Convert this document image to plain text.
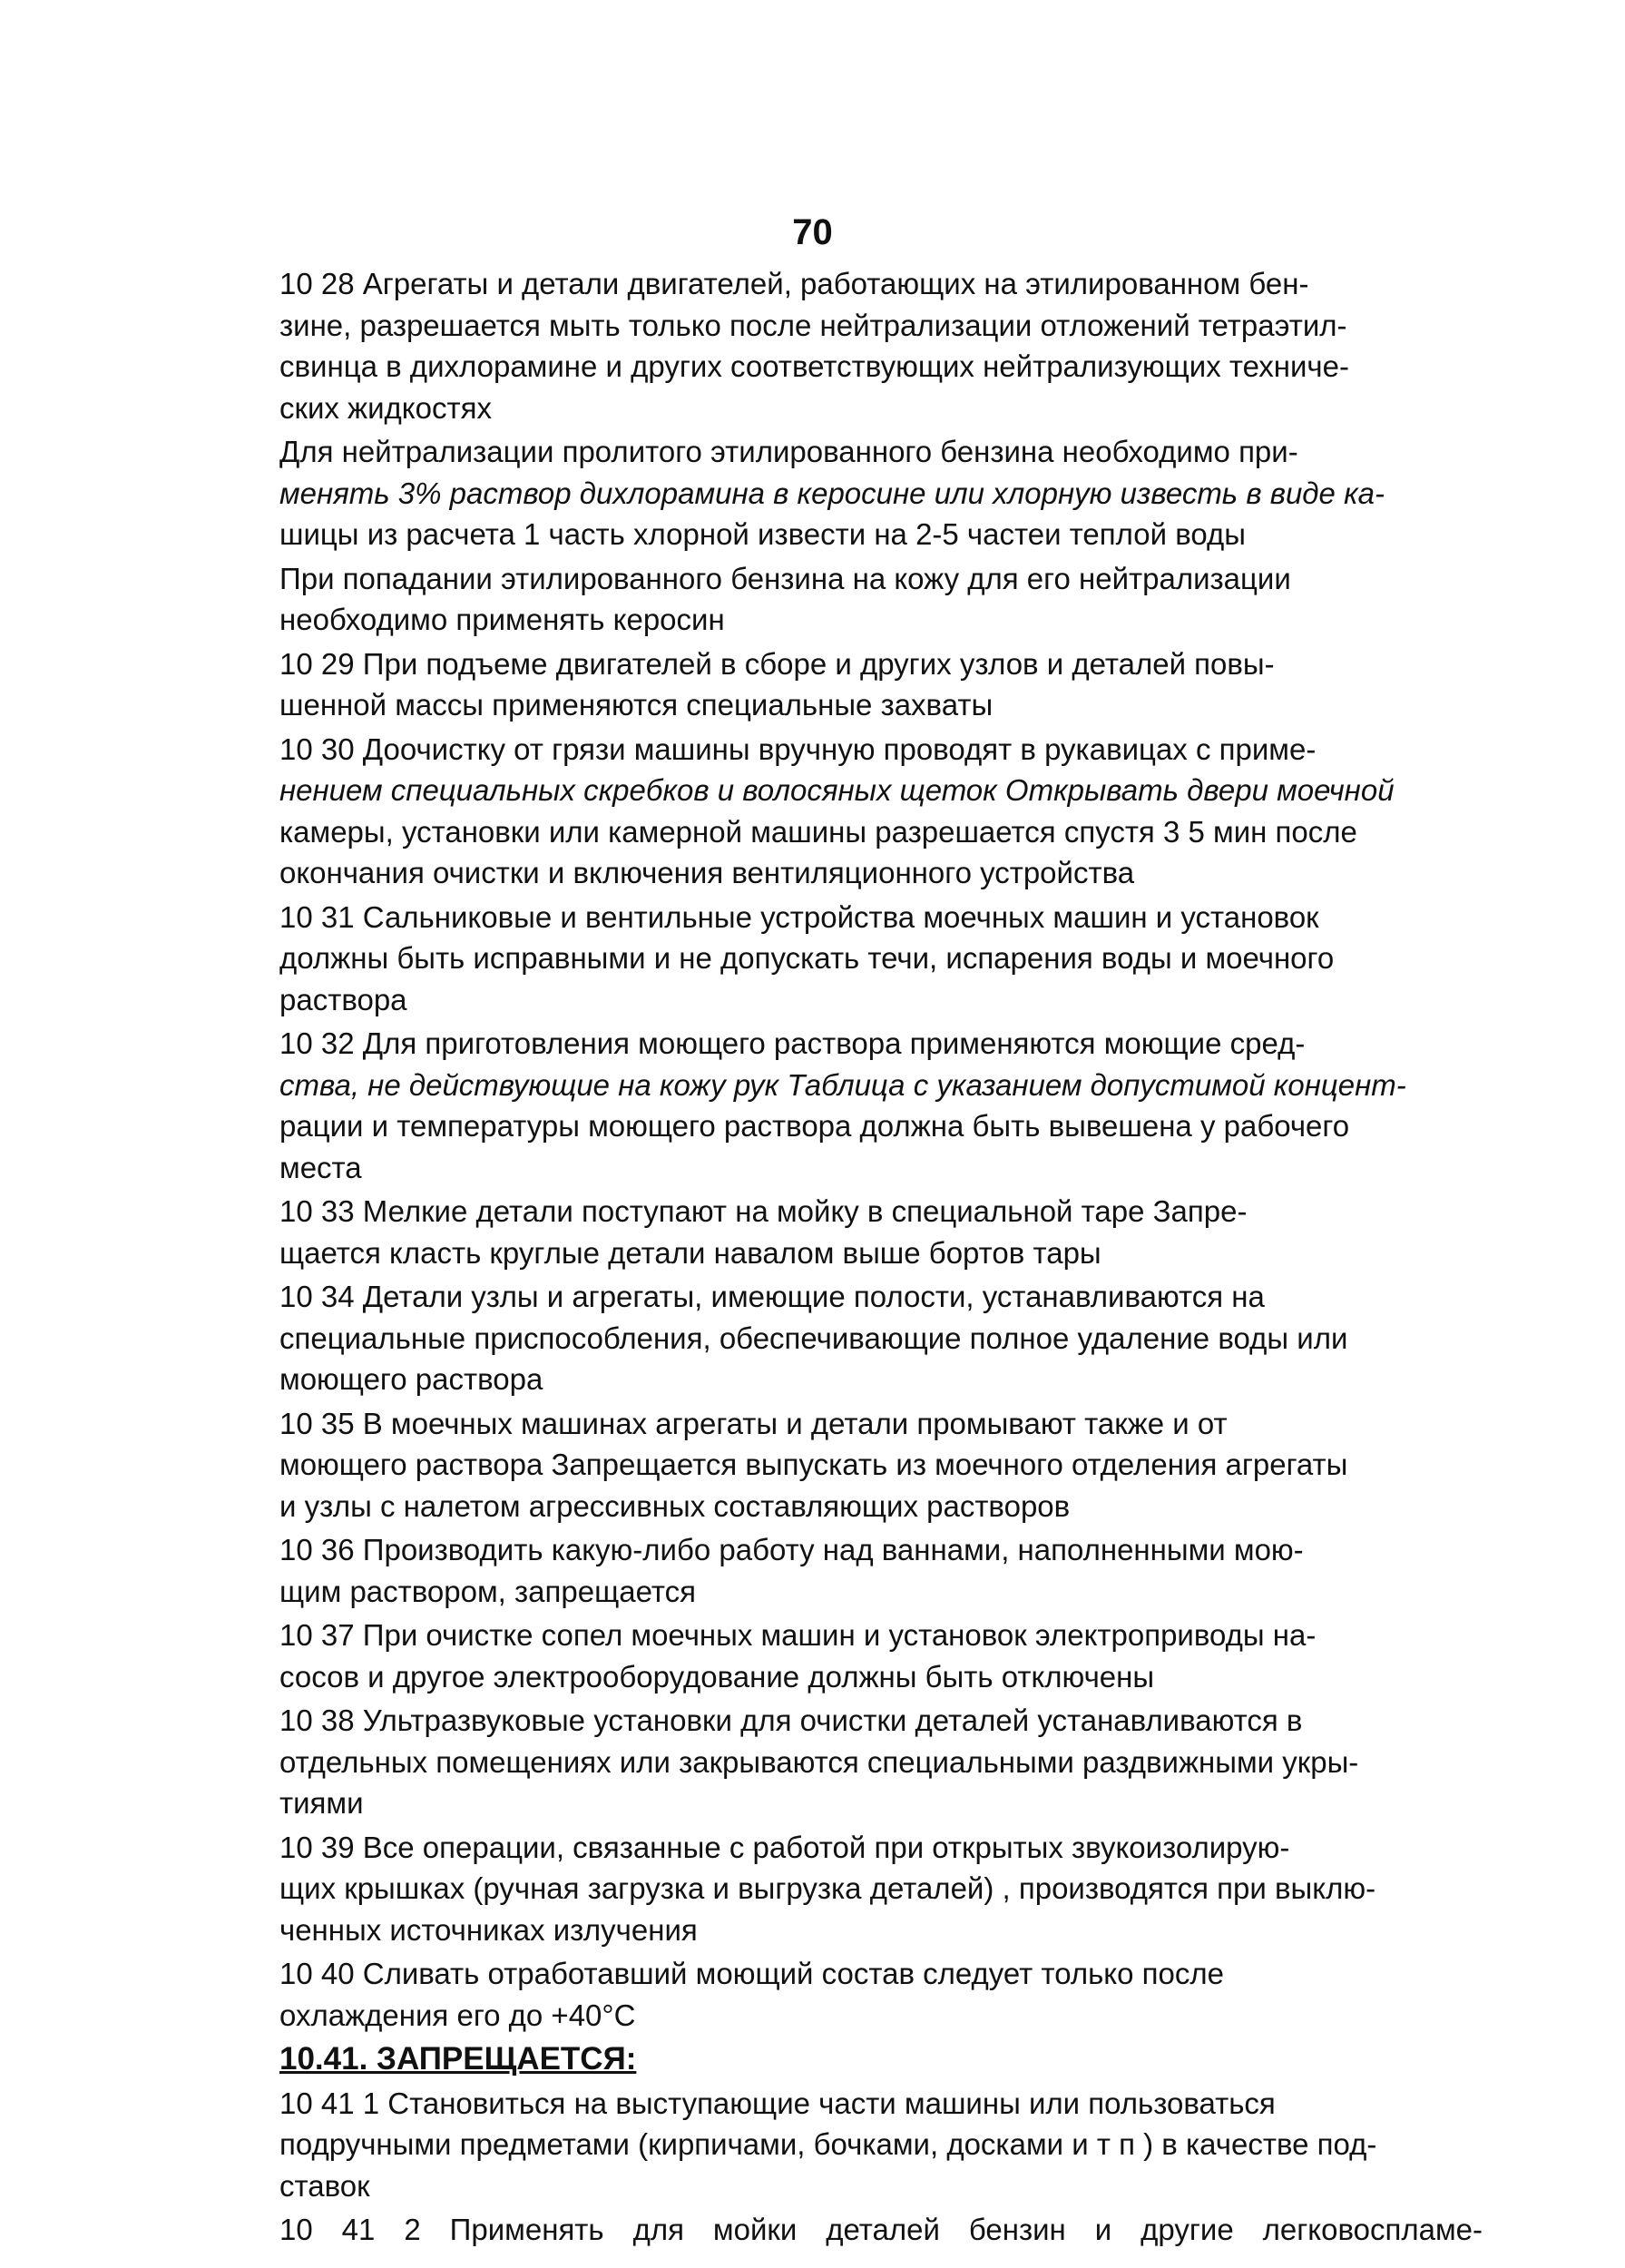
70

10 28 Агрегаты и детали двигателей, работающих на этилированном бен-
зине, разрешается мыть только после нейтрализации отложений тетраэтил-
свинца в дихлорамине и других соответствующих нейтрализующих техниче-
ских жидкостях

Для нейтрализации пролитого этилированного бензина необходимо при-
менять 3% раствор дихлорамина в керосине или хлорную известь в виде ка-
шицы из расчета 1 часть хлорной извести на 2-5 частеи теплой воды

При попадании этилированного бензина на кожу для его нейтрализации
необходимо применять керосин

10 29 При подъеме двигателей в сборе и других узлов и деталей повы-
шенной массы применяются специальные захваты

10 30 Доочистку от грязи машины вручную проводят в рукавицах с приме-
нением специальных скребков и волосяных щеток Открывать двери моечной
камеры, установки или камерной машины разрешается спустя 3 5 мин после
окончания очистки и включения вентиляционного устройства

10 31 Сальниковые и вентильные устройства моечных машин и установок
должны быть исправными и не допускать течи, испарения воды и моечного
раствора

10 32 Для приготовления моющего раствора применяются моющие сред-
ства, не действующие на кожу рук Таблица с указанием допустимой концент-
рации и температуры моющего раствора должна быть вывешена у рабочего
места

10 33 Мелкие детали поступают на мойку в специальной таре Запре-
щается класть круглые детали навалом выше бортов тары

10 34 Детали узлы и агрегаты, имеющие полости, устанавливаются на
специальные приспособления, обеспечивающие полное удаление воды или
моющего раствора

10 35 В моечных машинах агрегаты и детали промывают также и от
моющего раствора Запрещается выпускать из моечного отделения агрегаты
и узлы с налетом агрессивных составляющих растворов

10 36 Производить какую-либо работу над ваннами, наполненными мою-
щим раствором, запрещается

10 37 При очистке сопел моечных машин и установок электроприводы на-
сосов и другое электрооборудование должны быть отключены

10 38 Ультразвуковые установки для очистки деталей устанавливаются в
отдельных помещениях или закрываются специальными раздвижными укры-
тиями

10 39 Все операции, связанные с работой при открытых звукоизолирую-
щих крышках (ручная загрузка и выгрузка деталей) , производятся при выклю-
ченных источниках излучения

10 40 Сливать отработавший моющий состав следует только после
охлаждения его до +40°С

10.41. ЗАПРЕЩАЕТСЯ:

10 41 1 Становиться на выступающие части машины или пользоваться
подручными предметами (кирпичами, бочками, досками и т п ) в качестве под-
ставок

10 41 2 Применять для мойки деталей бензин и другие легковоспламе-
